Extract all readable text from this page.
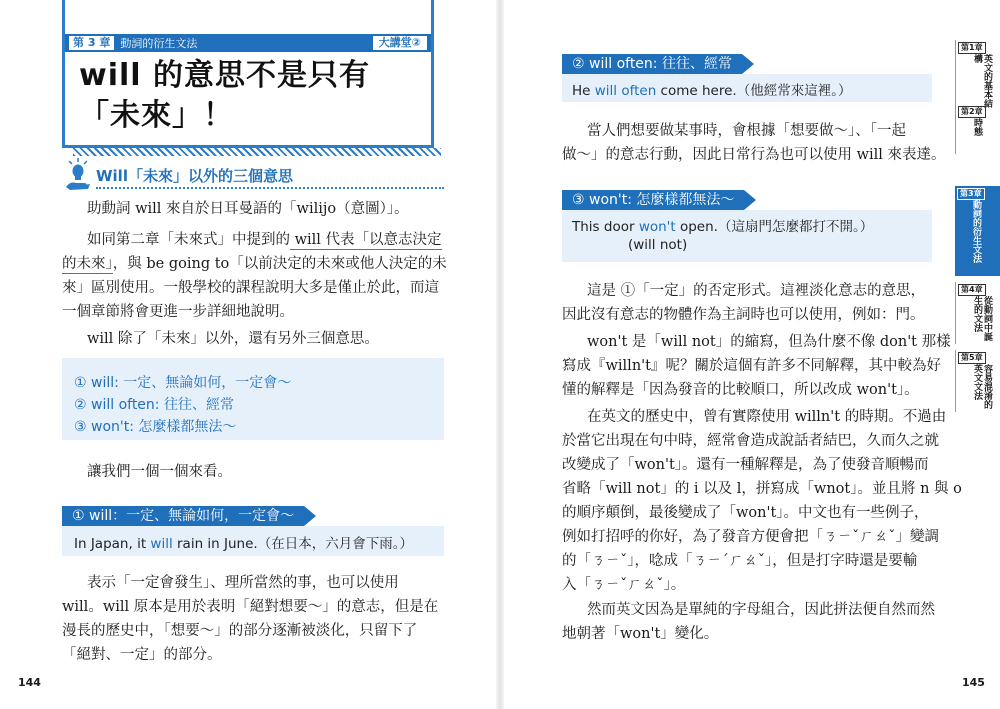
第 3 章 動詞的衍生文法	大講堂②
will 的意思不是只有
「未來」！
Will「未來」以外的三個意思

助動詞 will 來自於日耳曼語的「wilijo（意圖）」。

如同第二章「未來式」中提到的 will 代表「以意志決定
的未來」，與 be going to「以前決定的未來或他人決定的未
來」區別使用。一般學校的課程說明大多是僅止於此，而這
一個章節將會更進一步詳細地說明。

will 除了「未來」以外，還有另外三個意思。

① will: 一定、無論如何，一定會～
② will often: 往往、經常
③ won't: 怎麼樣都無法～

讓我們一個一個來看。

① will：一定、無論如何，一定會～
In Japan, it will rain in June.（在日本，六月會下雨。）
表示「一定會發生」、理所當然的事，也可以使用
will。will 原本是用於表明「絕對想要～」的意志，但是在
漫長的歷史中，「想要～」的部分逐漸被淡化，只留下了
「絕對、一定」的部分。
144
② will often: 往往、經常
He will often come here.（他經常來這裡。）
當人們想要做某事時，會根據「想要做～」、「一起
做～」的意志行動，因此日常行為也可以使用 will 來表達。
③ won't: 怎麼樣都無法～
This door won't open.（這扇門怎麼都打不開。）
(will not)
這是 ①「一定」的否定形式。這裡淡化意志的意思，
因此沒有意志的物體作為主詞時也可以使用，例如：門。
won't 是「will not」的縮寫，但為什麼不像 don't 那樣
寫成『willn't』呢？關於這個有許多不同解釋，其中較為好
懂的解釋是「因為發音的比較順口，所以改成 won't」。
在英文的歷史中，曾有實際使用 willn't 的時期。不過由
於當它出現在句中時，經常會造成說話者結巴，久而久之就
改變成了「won't」。還有一種解釋是，為了使發音順暢而
省略「will not」的 i 以及 l，拼寫成「wnot」。並且將 n 與 o
的順序顛倒，最後變成了「won't」。中文也有一些例子，
例如打招呼的你好，為了發音方便會把「ㄋㄧˇㄏㄠˇ」變調
的「ㄋㄧˇ」，唸成「ㄋㄧˊㄏㄠˇ」，但是打字時還是要輸
入「ㄋㄧˇㄏㄠˇ」。
然而英文因為是單純的字母組合，因此拼法便自然而然
地朝著「won't」變化。
145
第1章
英文的基本結構
第2章
時態
第3章
動詞的衍生文法
第4章
從動詞中誕生的文法
第5章
容易混淆的英文文法
